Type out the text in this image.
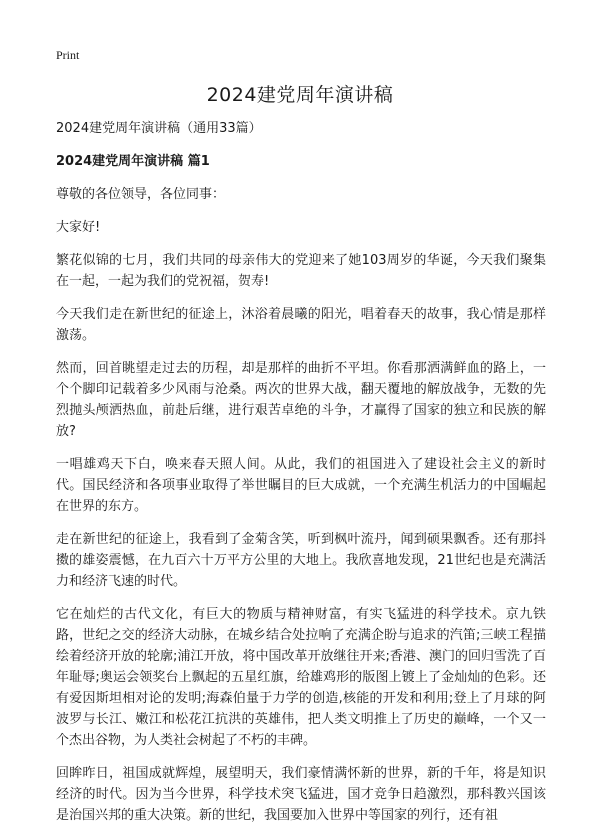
Print
2024建党周年演讲稿

2024建党周年演讲稿（通用33篇）

2024建党周年演讲稿 篇1

尊敬的各位领导，各位同事：

大家好!

繁花似锦的七月，我们共同的母亲伟大的党迎来了她103周岁的华诞，今天我们聚集在一起，一起为我们的党祝福，贺寿!

今天我们走在新世纪的征途上，沐浴着晨曦的阳光，唱着春天的故事，我心情是那样激荡。

然而，回首眺望走过去的历程，却是那样的曲折不平坦。你看那洒满鲜血的路上，一个个脚印记载着多少风雨与沧桑。两次的世界大战，翻天覆地的解放战争，无数的先烈抛头颅洒热血，前赴后继，进行艰苦卓绝的斗争，才赢得了国家的独立和民族的解放?

一唱雄鸡天下白，唤来春天照人间。从此，我们的祖国进入了建设社会主义的新时代。国民经济和各项事业取得了举世瞩目的巨大成就，一个充满生机活力的中国崛起在世界的东方。

走在新世纪的征途上，我看到了金菊含笑，听到枫叶流丹，闻到硕果飘香。还有那抖擞的雄姿震憾，在九百六十万平方公里的大地上。我欣喜地发现，21世纪也是充满活力和经济飞速的时代。

它在灿烂的古代文化，有巨大的物质与精神财富，有实飞猛进的科学技术。京九铁路，世纪之交的经济大动脉，在城乡结合处拉响了充满企盼与追求的汽笛;三峡工程描绘着经济开放的轮廓;浦江开放，将中国改革开放继往开来;香港、澳门的回归雪洗了百年耻辱;奥运会领奖台上飘起的五星红旗，给雄鸡形的版图上镀上了金灿灿的色彩。还有爱因斯坦相对论的发明;海森伯量于力学的创造,核能的开发和利用;登上了月球的阿波罗与长江、嫩江和松花江抗洪的英雄伟，把人类文明推上了历史的巅峰，一个又一个杰出谷物，为人类社会树起了不朽的丰碑。

回眸昨日，祖国成就辉煌，展望明天，我们豪情满怀新的世界，新的千年，将是知识经济的时代。因为当今世界，科学技术突飞猛进，国才竞争日趋激烈，那科教兴国该是治国兴邦的重大决策。新的世纪，我国要加入世界中等国家的列行，还有祖
